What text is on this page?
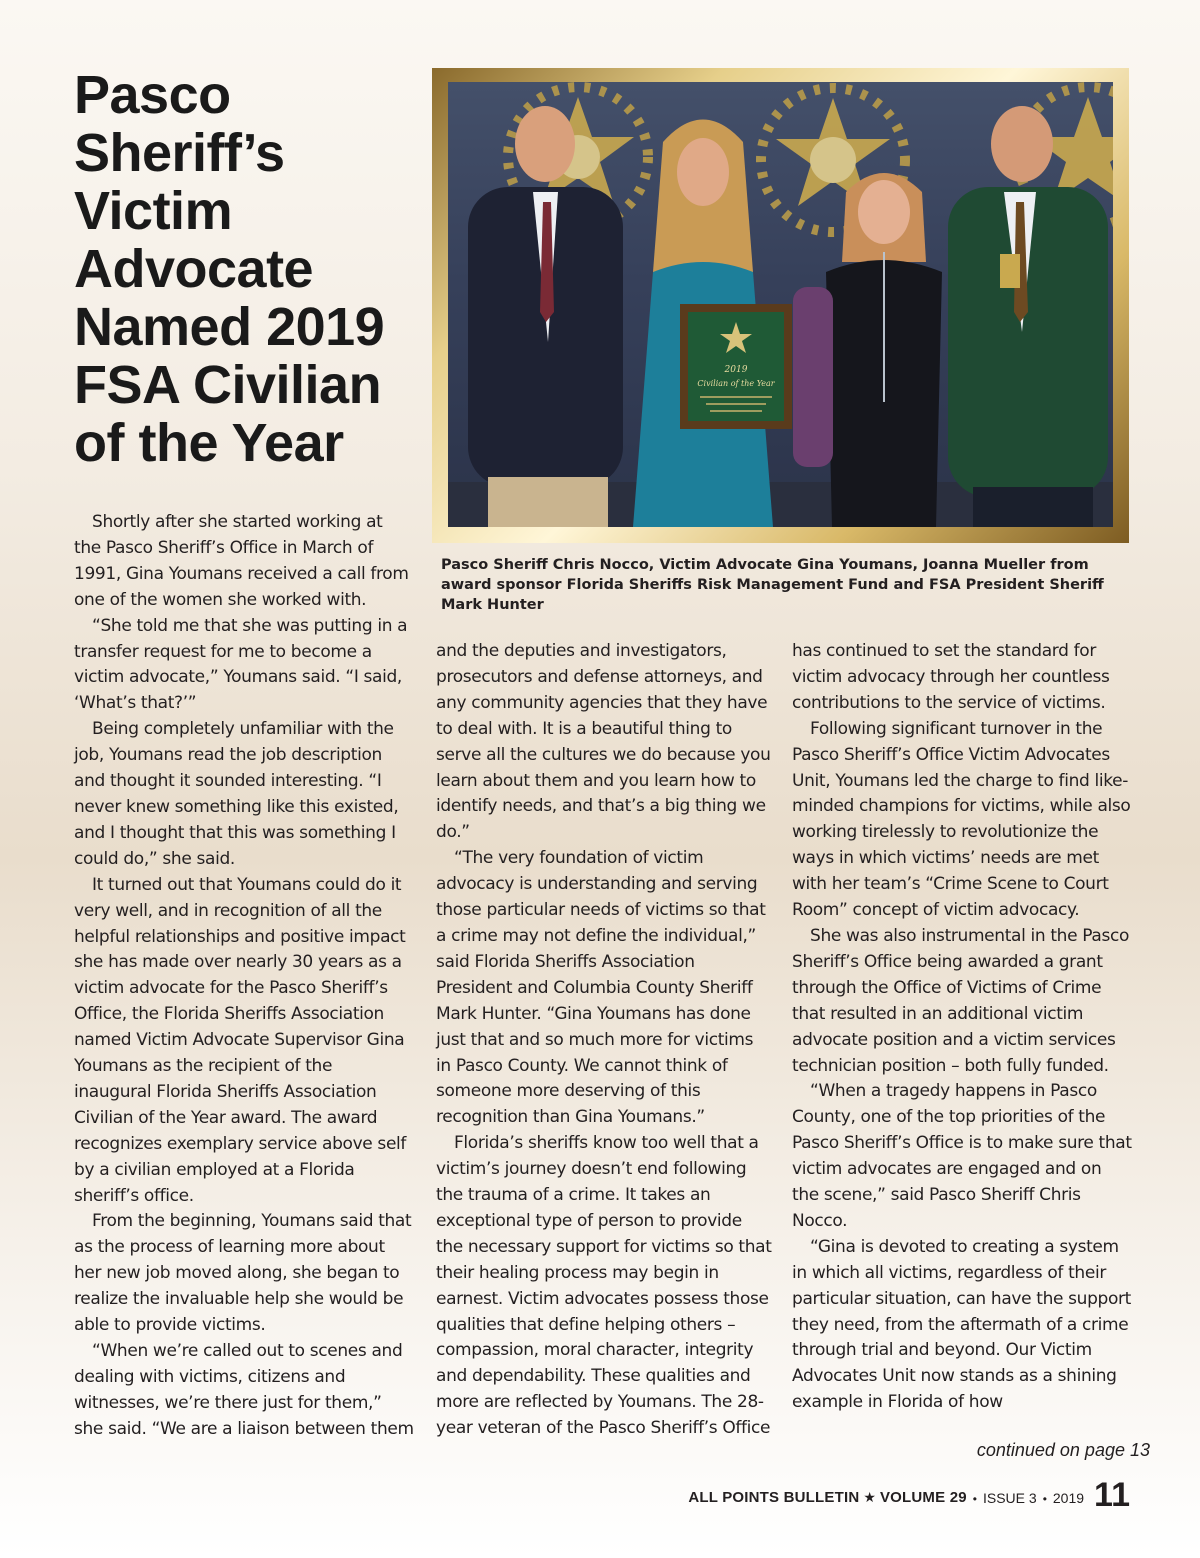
Pasco Sheriff’s Victim Advocate Named 2019 FSA Civilian of the Year
2019
Civilian of the Year

Pasco Sheriff Chris Nocco, Victim Advocate Gina Youmans, Joanna Mueller from award sponsor Florida Sheriffs Risk Management Fund and FSA President Sheriff Mark Hunter

Shortly after she started working at the Pasco Sheriff’s Office in March of 1991, Gina Youmans received a call from one of the women she worked with.

“She told me that she was putting in a transfer request for me to become a victim advocate,” Youmans said. “I said, ‘What’s that?’”

Being completely unfamiliar with the job, Youmans read the job description and thought it sounded interesting. “I never knew something like this existed, and I thought that this was something I could do,” she said.

It turned out that Youmans could do it very well, and in recognition of all the helpful relationships and positive impact she has made over nearly 30 years as a victim advocate for the Pasco Sheriff’s Office, the Florida Sheriffs Association named Victim Advocate Supervisor Gina Youmans as the recipient of the inaugural Florida Sheriffs Association Civilian of the Year award. The award recognizes exemplary service above self by a civilian employed at a Florida sheriff’s office.

From the beginning, Youmans said that as the process of learning more about her new job moved along, she began to realize the invaluable help she would be able to provide victims.

“When we’re called out to scenes and dealing with victims, citizens and witnesses, we’re there just for them,” she said. “We are a liaison between them

and the deputies and investigators, prosecutors and defense attorneys, and any community agencies that they have to deal with. It is a beautiful thing to serve all the cultures we do because you learn about them and you learn how to identify needs, and that’s a big thing we do.”

“The very foundation of victim advocacy is understanding and serving those particular needs of victims so that a crime may not define the individual,” said Florida Sheriffs Association President and Columbia County Sheriff Mark Hunter. “Gina Youmans has done just that and so much more for victims in Pasco County. We cannot think of someone more deserving of this recognition than Gina Youmans.”

Florida’s sheriffs know too well that a victim’s journey doesn’t end following the trauma of a crime. It takes an exceptional type of person to provide the necessary support for victims so that their healing process may begin in earnest. Victim advocates possess those qualities that define helping others – compassion, moral character, integrity and dependability. These qualities and more are reflected by Youmans. The 28-year veteran of the Pasco Sheriff’s Office

has continued to set the standard for victim advocacy through her countless contributions to the service of victims.

Following significant turnover in the Pasco Sheriff’s Office Victim Advocates Unit, Youmans led the charge to find like-minded champions for victims, while also working tirelessly to revolutionize the ways in which victims’ needs are met with her team’s “Crime Scene to Court Room” concept of victim advocacy.

She was also instrumental in the Pasco Sheriff’s Office being awarded a grant through the Office of Victims of Crime that resulted in an additional victim advocate position and a victim services technician position – both fully funded.

“When a tragedy happens in Pasco County, one of the top priorities of the Pasco Sheriff’s Office is to make sure that victim advocates are engaged and on the scene,” said Pasco Sheriff Chris Nocco.

“Gina is devoted to creating a system in which all victims, regardless of their particular situation, can have the support they need, from the aftermath of a crime through trial and beyond. Our Victim Advocates Unit now stands as a shining example in Florida of how

continued on page 13
ALL POINTS BULLETIN ★ VOLUME 29 • ISSUE 3 • 2019 11
